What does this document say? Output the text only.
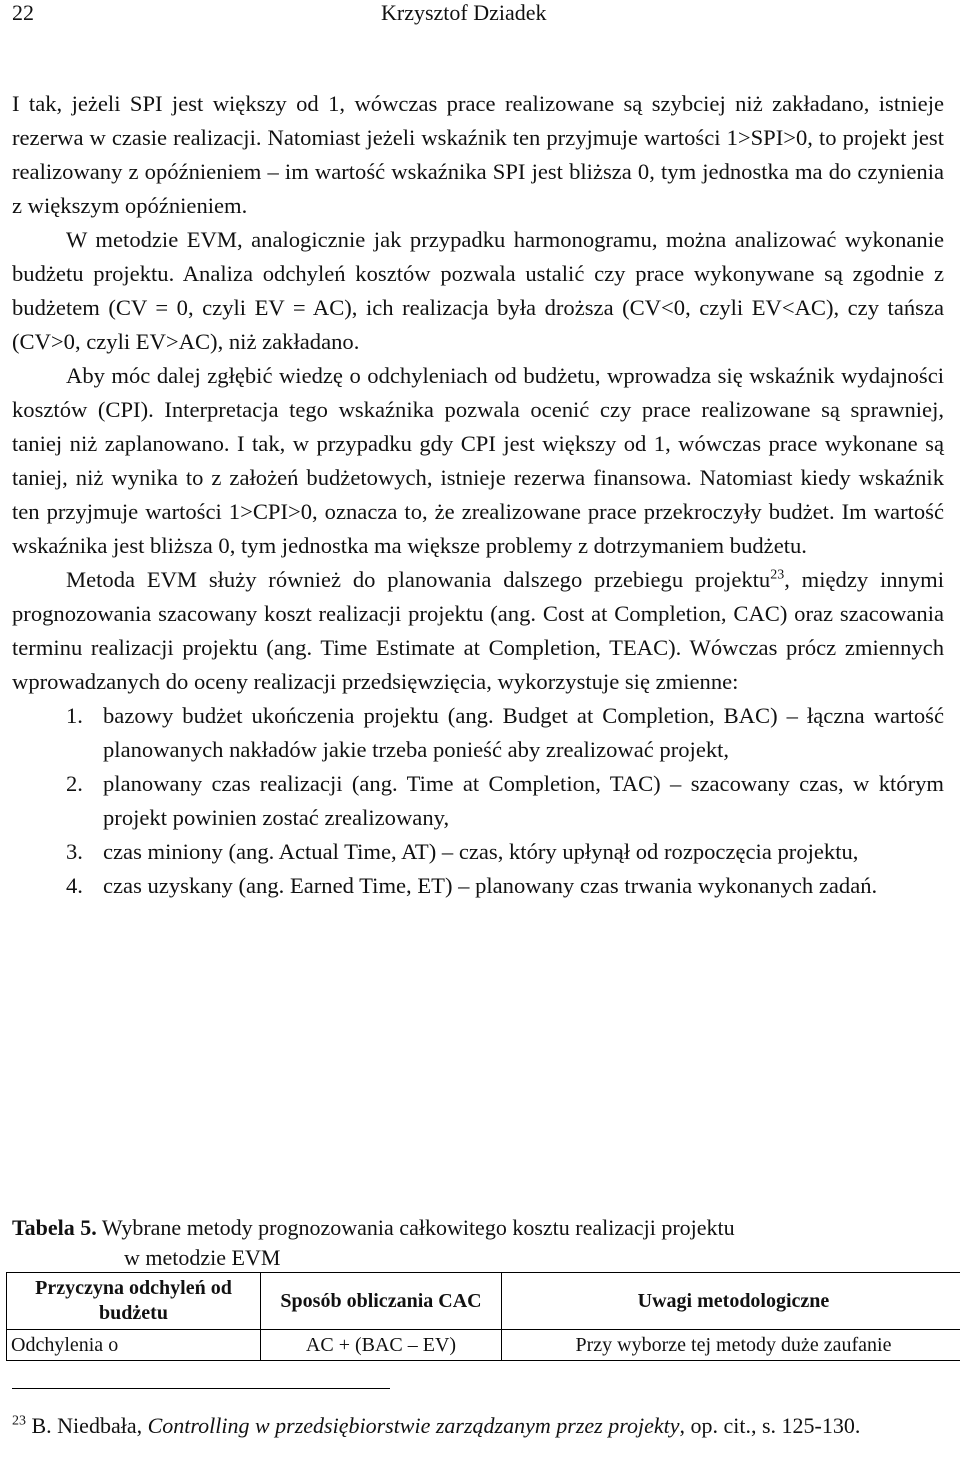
22	Krzysztof Dziadek

I tak, jeżeli SPI jest większy od 1, wówczas prace realizowane są szybciej niż zakładano, istnieje rezerwa w czasie realizacji. Natomiast jeżeli wskaźnik ten przyjmuje wartości 1>SPI>0, to projekt jest realizowany z opóźnieniem – im wartość wskaźnika SPI jest bliższa 0, tym jednostka ma do czynienia z większym opóźnieniem.

W metodzie EVM, analogicznie jak przypadku harmonogramu, można analizować wykonanie budżetu projektu. Analiza odchyleń kosztów pozwala ustalić czy prace wykonywane są zgodnie z budżetem (CV = 0, czyli EV = AC), ich realizacja była droższa (CV<0, czyli EV<AC), czy tańsza (CV>0, czyli EV>AC), niż zakładano.

Aby móc dalej zgłębić wiedzę o odchyleniach od budżetu, wprowadza się wskaźnik wydajności kosztów (CPI). Interpretacja tego wskaźnika pozwala ocenić czy prace realizowane są sprawniej, taniej niż zaplanowano. I tak, w przypadku gdy CPI jest większy od 1, wówczas prace wykonane są taniej, niż wynika to z założeń budżetowych, istnieje rezerwa finansowa. Natomiast kiedy wskaźnik ten przyjmuje wartości 1>CPI>0, oznacza to, że zrealizowane prace przekroczyły budżet. Im wartość wskaźnika jest bliższa 0, tym jednostka ma większe problemy z dotrzymaniem budżetu.

Metoda EVM służy również do planowania dalszego przebiegu projektu$^{23}$, między innymi prognozowania szacowany koszt realizacji projektu (ang. Cost at Completion, CAC) oraz szacowania terminu realizacji projektu (ang. Time Estimate at Completion, TEAC). Wówczas prócz zmiennych wprowadzanych do oceny realizacji przedsięwzięcia, wykorzystuje się zmienne:

1. bazowy budżet ukończenia projektu (ang. Budget at Completion, BAC) – łączna wartość planowanych nakładów jakie trzeba ponieść aby zrealizować projekt,
2. planowany czas realizacji (ang. Time at Completion, TAC) – szacowany czas, w którym projekt powinien zostać zrealizowany,
3. czas miniony (ang. Actual Time, AT) – czas, który upłynął od rozpoczęcia projektu,
4. czas uzyskany (ang. Earned Time, ET) – planowany czas trwania wykonanych zadań.
Tabela 5. Wybrane metody prognozowania całkowitego kosztu realizacji projektu
w metodzie EVM
Przyczyna odchyleń od budżetu	Sposób obliczania CAC	Uwagi metodologiczne
Odchylenia o	AC + (BAC – EV)	Przy wyborze tej metody duże zaufanie
$^{23}$ B. Niedbała, Controlling w przedsiębiorstwie zarządzanym przez projekty, op. cit., s. 125-130.
